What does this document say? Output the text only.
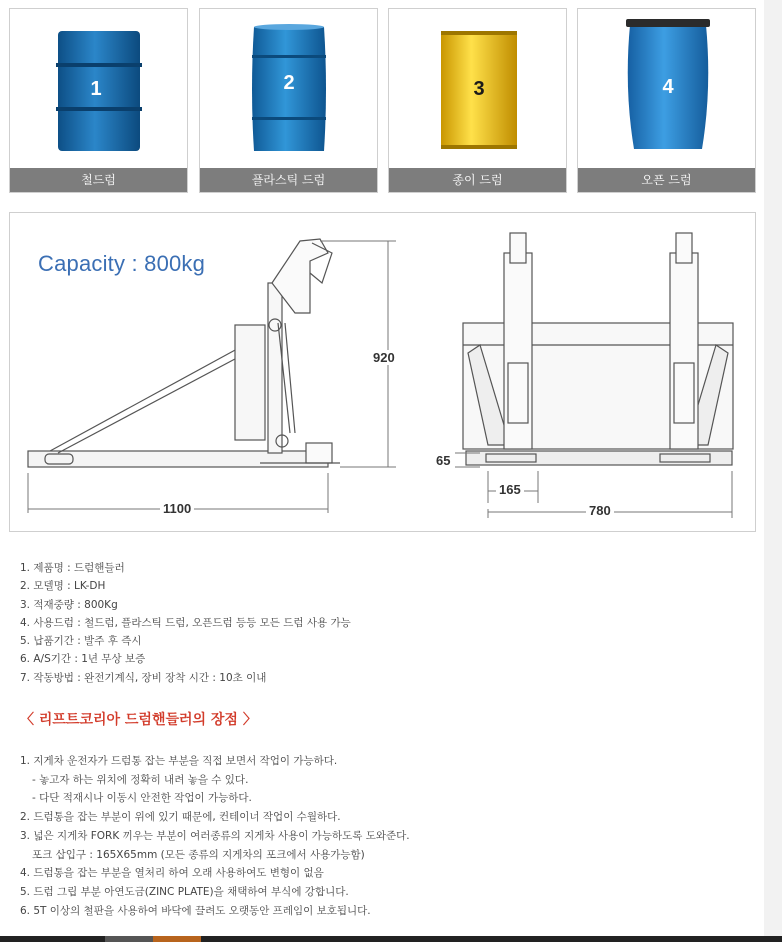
1
철드럼
2
플라스틱 드럼
3
종이 드럼
4
오픈 드럼
Capacity : 800kg
920
1100
65
165
780
1. 제품명 : 드럼핸들러
2. 모델명 : LK-DH
3. 적재중량 : 800Kg
4. 사용드럼 : 철드럼, 플라스틱 드럼, 오픈드럼 등등 모든 드럼 사용 가능
5. 납품기간 : 발주 후 즉시
6. A/S기간 : 1년 무상 보증
7. 작동방법 : 완전기계식, 장비 장착 시간 : 10초 이내
〈 리프트코리아 드럼핸들러의 장점 〉
1. 지게차 운전자가 드럼통 잡는 부분을 직접 보면서 작업이 가능하다.
- 놓고자 하는 위치에 정확히 내려 놓을 수 있다.
- 다단 적재시나 이동시 안전한 작업이 가능하다.
2. 드럼통을 잡는 부분이 위에 있기 때문에, 컨테이너 작업이 수월하다.
3. 넓은 지게차 FORK 끼우는 부분이 여러종류의 지게차 사용이 가능하도록 도와준다.
포크 삽입구 : 165X65mm (모든 종류의 지게차의 포크에서 사용가능함)
4. 드럼통을 잡는 부분을 열처리 하여 오래 사용하여도 변형이 없음
5. 드럼 그립 부분 아연도금(ZINC PLATE)을 채택하여 부식에 강합니다.
6. 5T 이상의 철판을 사용하여 바닥에 끌려도 오랫동안 프레임이 보호됩니다.
